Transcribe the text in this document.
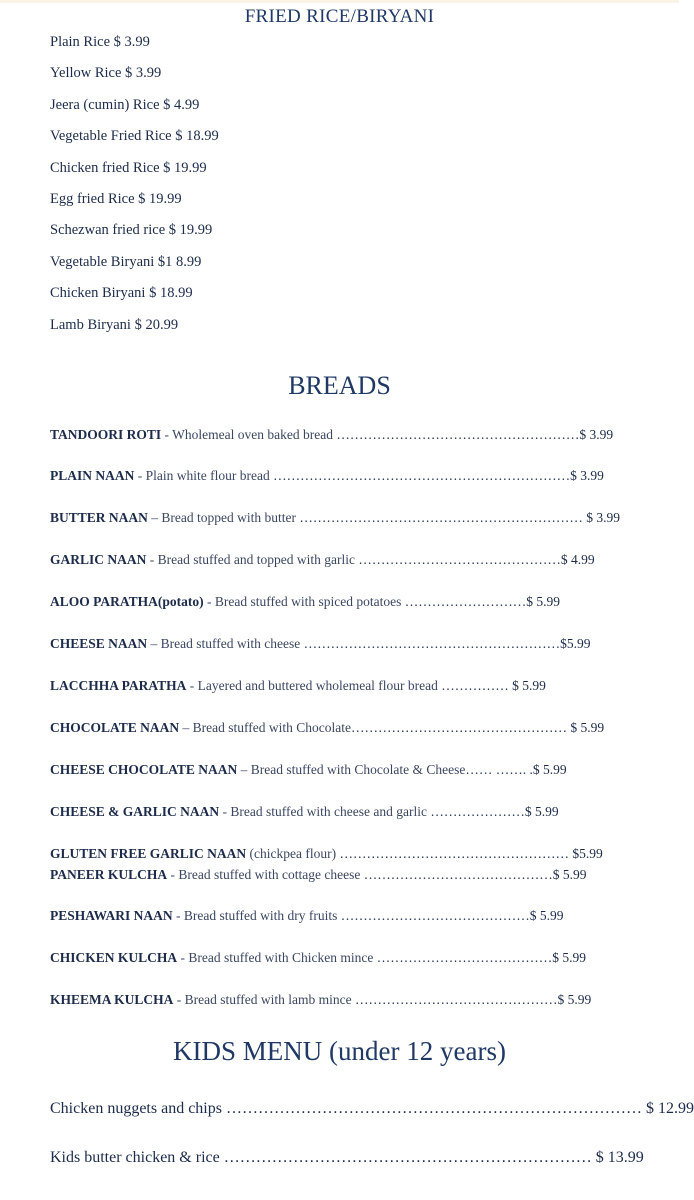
FRIED RICE/BIRYANI
Plain Rice $ 3.99
Yellow Rice $ 3.99
Jeera (cumin) Rice $ 4.99
Vegetable Fried Rice $ 18.99
Chicken fried Rice $ 19.99
Egg fried Rice $ 19.99
Schezwan fried rice $ 19.99
Vegetable Biryani $1 8.99
Chicken Biryani $ 18.99
Lamb Biryani $ 20.99
BREADS
TANDOORI ROTI - Wholemeal oven baked bread ………………………………………………$ 3.99
PLAIN NAAN - Plain white flour bread …………………………………………………………$ 3.99
BUTTER NAAN – Bread topped with butter ……………………………………………………… $ 3.99
GARLIC NAAN - Bread stuffed and topped with garlic ………………………………………$ 4.99
ALOO PARATHA(potato) - Bread stuffed with spiced potatoes ………………………$ 5.99
CHEESE NAAN – Bread stuffed with cheese …………………………………………………$5.99
LACCHHA PARATHA - Layered and buttered wholemeal flour bread …………… $ 5.99
CHOCOLATE NAAN – Bread stuffed with Chocolate………………………………………… $ 5.99
CHEESE CHOCOLATE NAAN – Bread stuffed with Chocolate & Cheese…… ……. .$ 5.99
CHEESE & GARLIC NAAN - Bread stuffed with cheese and garlic …………………$ 5.99
GLUTEN FREE GARLIC NAAN (chickpea flour) …………………………………………… $5.99
PANEER KULCHA - Bread stuffed with cottage cheese ……………………………………$ 5.99
PESHAWARI NAAN - Bread stuffed with dry fruits ……………………………………$ 5.99
CHICKEN KULCHA - Bread stuffed with Chicken mince …………………………………$ 5.99
KHEEMA KULCHA - Bread stuffed with lamb mince ………………………………………$ 5.99
KIDS MENU (under 12 years)
Chicken nuggets and chips …………………………………………………………………… $ 12.99
Kids butter chicken & rice …………………………………………………………… $ 13.99
